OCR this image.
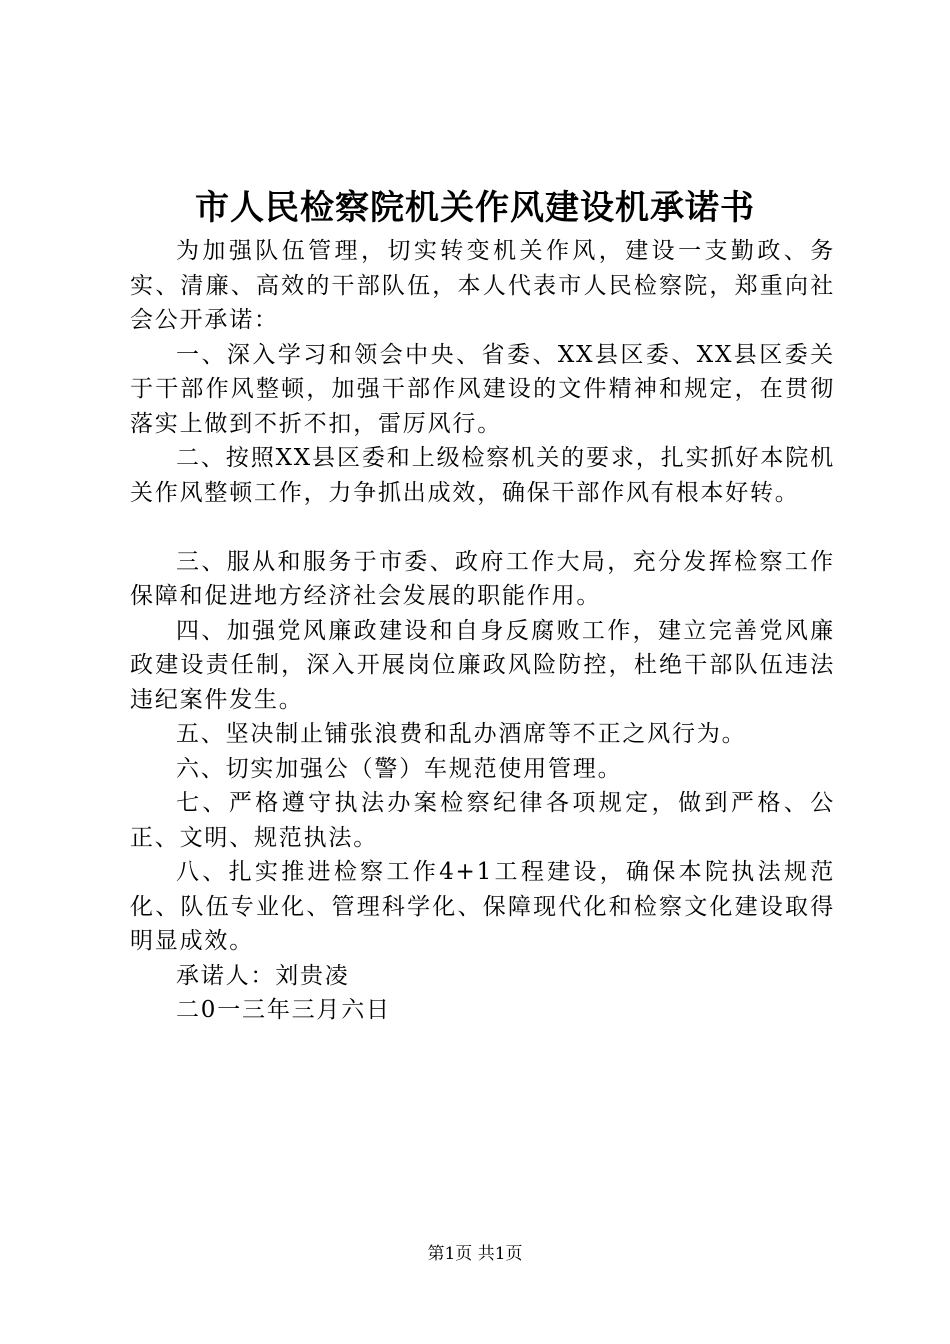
市人民检察院机关作风建设机承诺书

为加强队伍管理，切实转变机关作风，建设一支勤政、务实、清廉、高效的干部队伍，本人代表市人民检察院，郑重向社会公开承诺：

一、深入学习和领会中央、省委、XX县区委、XX县区委关于干部作风整顿，加强干部作风建设的文件精神和规定，在贯彻落实上做到不折不扣，雷厉风行。

二、按照XX县区委和上级检察机关的要求，扎实抓好本院机关作风整顿工作，力争抓出成效，确保干部作风有根本好转。

三、服从和服务于市委、政府工作大局，充分发挥检察工作保障和促进地方经济社会发展的职能作用。

四、加强党风廉政建设和自身反腐败工作，建立完善党风廉政建设责任制，深入开展岗位廉政风险防控，杜绝干部队伍违法违纪案件发生。

五、坚决制止铺张浪费和乱办酒席等不正之风行为。

六、切实加强公（警）车规范使用管理。

七、严格遵守执法办案检察纪律各项规定，做到严格、公正、文明、规范执法。

八、扎实推进检察工作4+1工程建设，确保本院执法规范化、队伍专业化、管理科学化、保障现代化和检察文化建设取得明显成效。

承诺人：刘贵凌

二0一三年三月六日

第1页 共1页
